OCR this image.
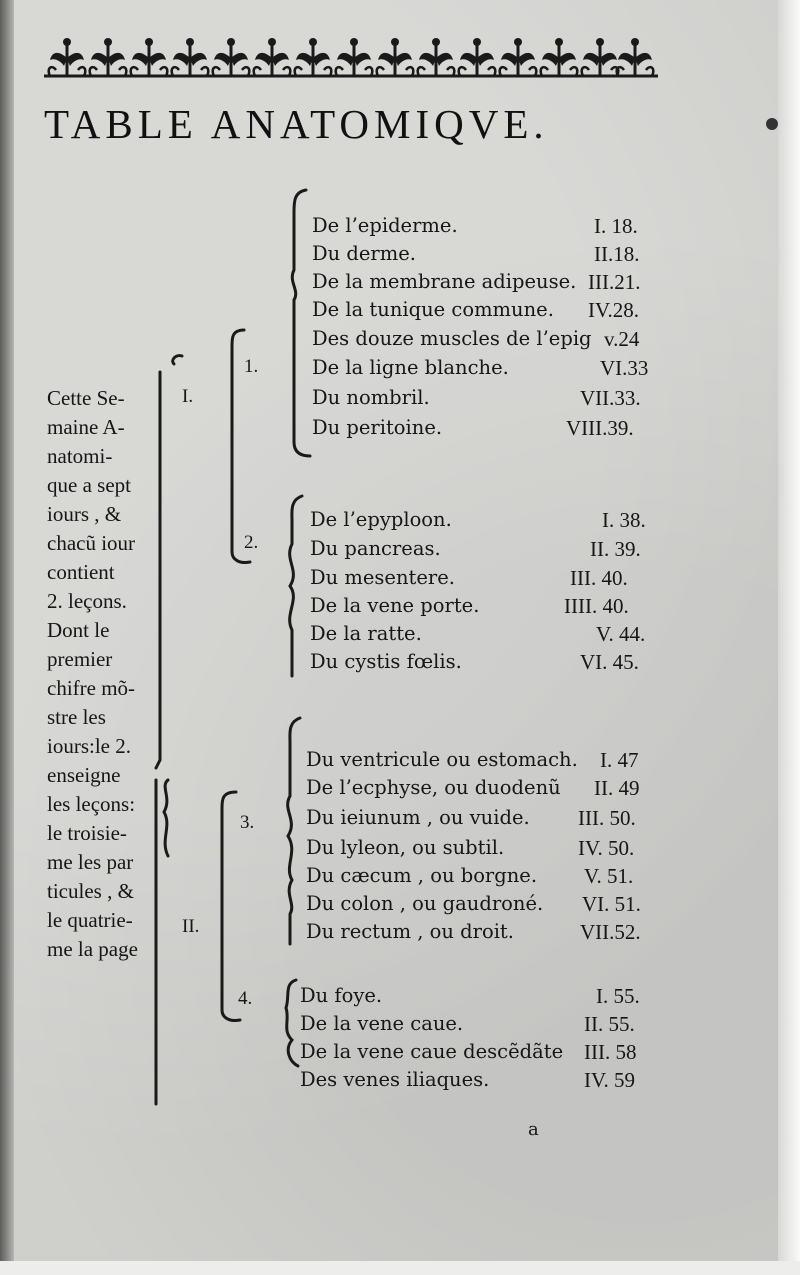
TABLE ANATOMIQVE.
Cette Se-
maine A-
natomi-
que a sept
iours , &
chacũ iour
contient
2. leçons.
Dont le
premier
chifre mõ-
stre les
iours:le 2.
enseigne
les leçons:
le troisie-
me les par
ticules , &
le quatrie-
me la page
I.
II.
1.
2.
3.
4.
De l’epiderme.	I. 18.
Du derme.	II.18.
De la membrane adipeuse. III.21.
De la tunique commune. IV.28.
Des douze muscles de l’epig v.24
De la ligne blanche.	VI.33
Du nombril.	VII.33.
Du peritoine.	VIII.39.
De l’epyploon.	I. 38.
Du pancreas.	II. 39.
Du mesentere.	III. 40.
De la vene porte.	IIII. 40.
De la ratte.	V. 44.
Du cystis fœlis.	VI. 45.
Du ventricule ou estomach. I. 47
De l’ecphyse, ou duodenũ II. 49
Du ieiunum , ou vuide. III. 50.
Du lyleon, ou subtil.	IV. 50.
Du cæcum , ou borgne. V. 51.
Du colon , ou gaudroné. VI. 51.
Du rectum , ou droit.	VII.52.
Du foye.	I. 55.
De la vene caue.	II. 55.
De la vene caue descẽdãte III. 58
Des venes iliaques.	IV. 59
a
